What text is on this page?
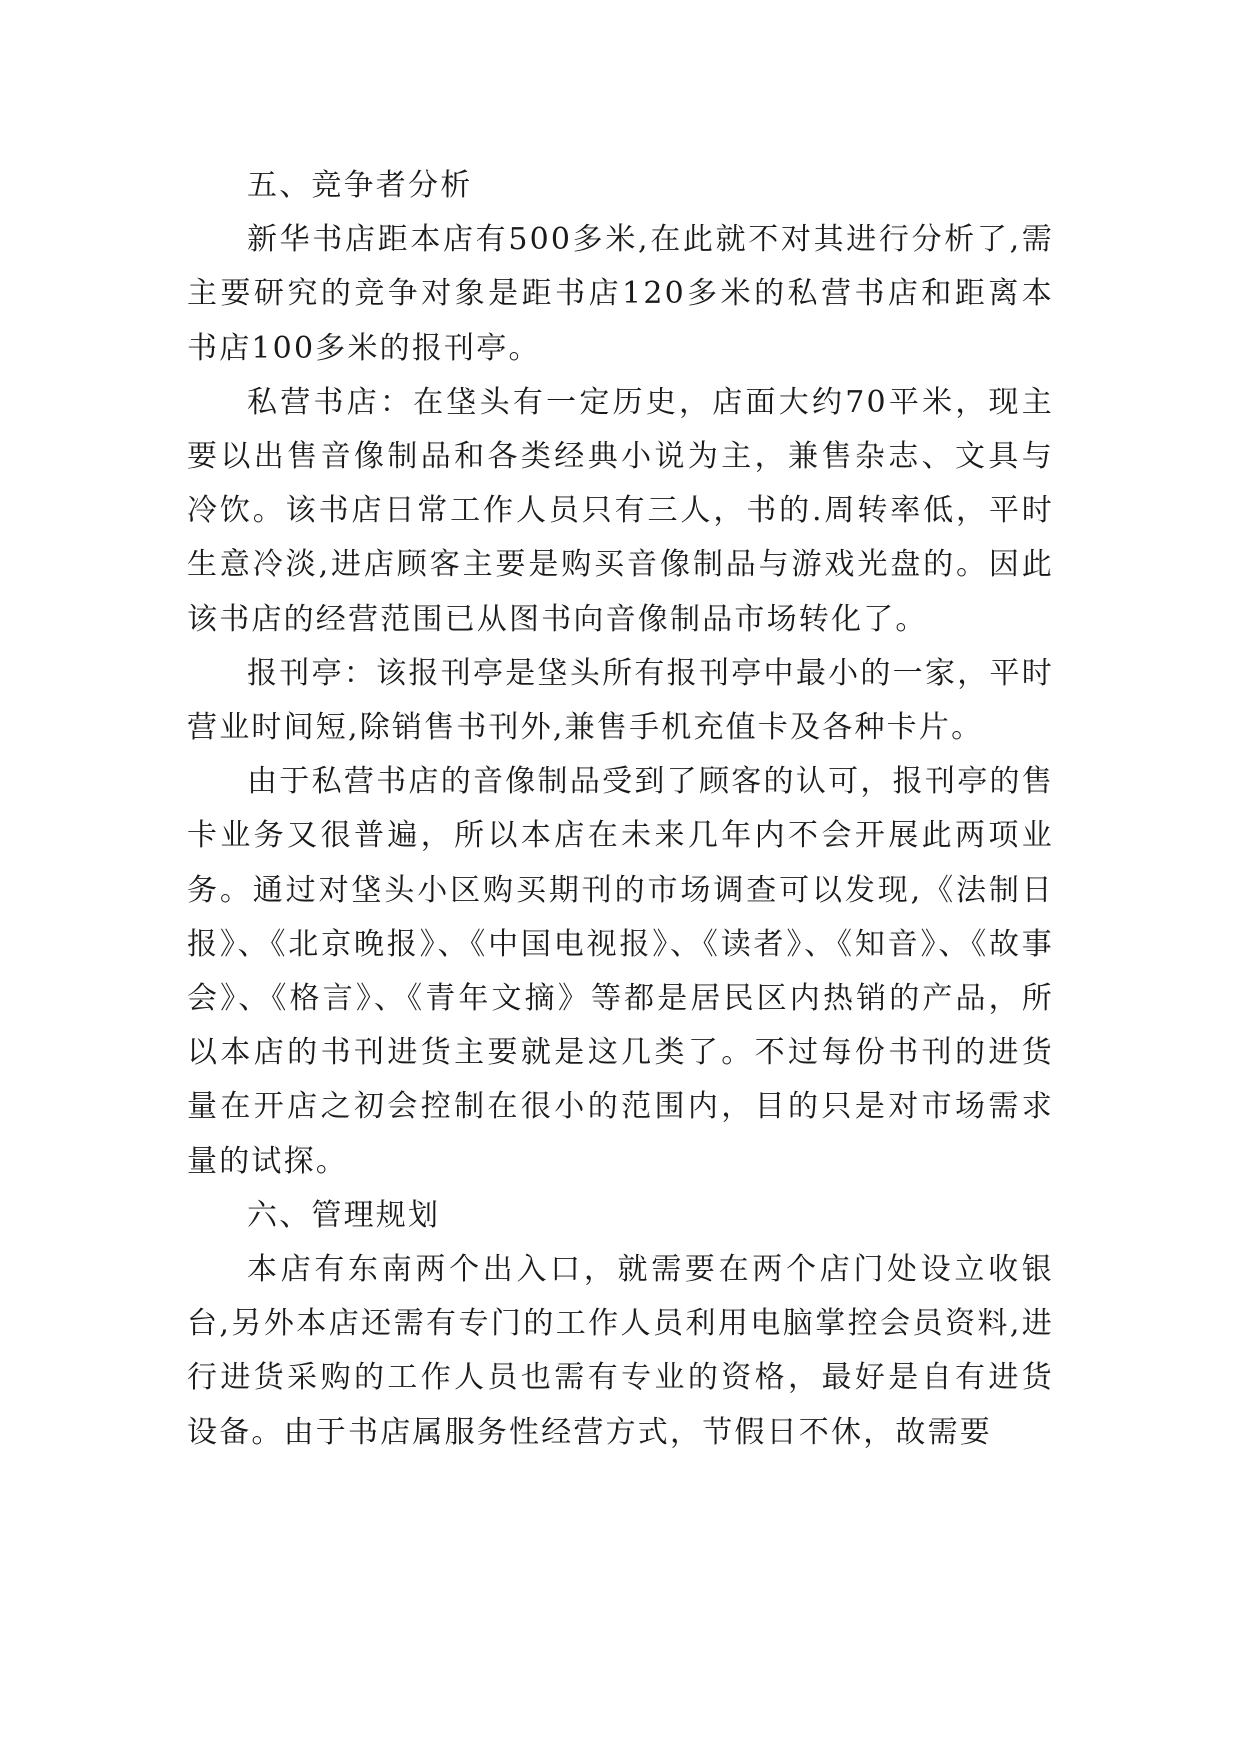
五、竞争者分析

新华书店距本店有500多米,在此就不对其进行分析了,需主要研究的竞争对象是距书店120多米的私营书店和距离本书店100多米的报刊亭。

私营书店：在垡头有一定历史，店面大约70平米，现主要以出售音像制品和各类经典小说为主，兼售杂志、文具与冷饮。该书店日常工作人员只有三人，书的.周转率低，平时生意冷淡,进店顾客主要是购买音像制品与游戏光盘的。因此该书店的经营范围已从图书向音像制品市场转化了。

报刊亭：该报刊亭是垡头所有报刊亭中最小的一家，平时营业时间短,除销售书刊外,兼售手机充值卡及各种卡片。

由于私营书店的音像制品受到了顾客的认可，报刊亭的售卡业务又很普遍，所以本店在未来几年内不会开展此两项业务。通过对垡头小区购买期刊的市场调查可以发现,《法制日报》、《北京晚报》、《中国电视报》、《读者》、《知音》、《故事会》、《格言》、《青年文摘》等都是居民区内热销的产品，所以本店的书刊进货主要就是这几类了。不过每份书刊的进货量在开店之初会控制在很小的范围内，目的只是对市场需求量的试探。

六、管理规划

本店有东南两个出入口，就需要在两个店门处设立收银台,另外本店还需有专门的工作人员利用电脑掌控会员资料,进行进货采购的工作人员也需有专业的资格，最好是自有进货设备。由于书店属服务性经营方式，节假日不休，故需要
